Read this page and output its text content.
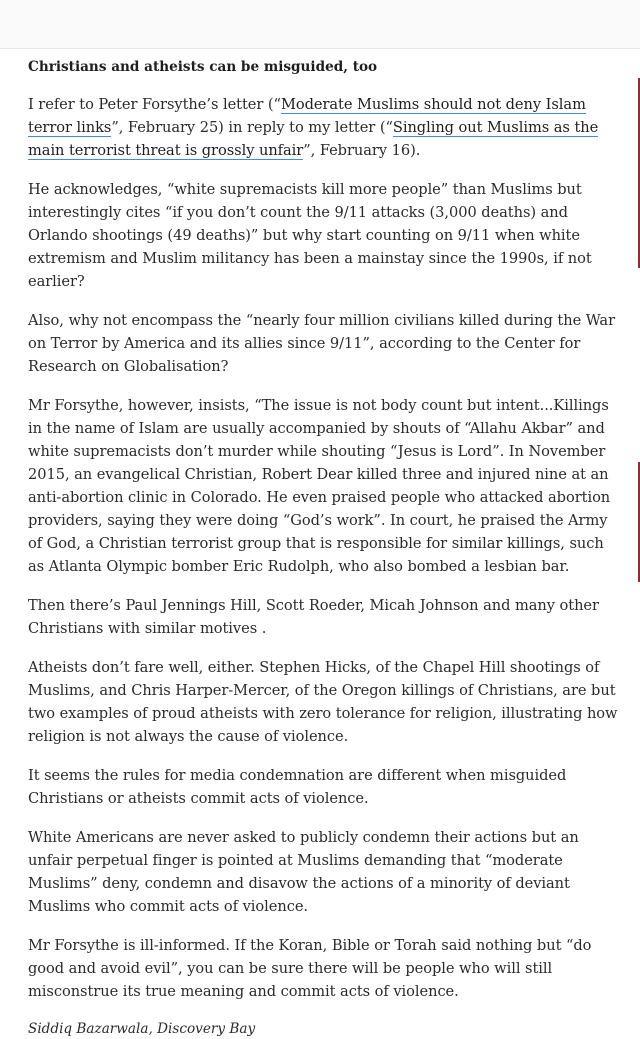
Christians and atheists can be misguided, too

I refer to Peter Forsythe’s letter (“Moderate Muslims should not deny Islam terror links”, February 25) in reply to my letter (“Singling out Muslims as the main terrorist threat is grossly unfair”, February 16).

He acknowledges, “white supremacists kill more people” than Muslims but interestingly cites “if you don’t count the 9/11 attacks (3,000 deaths) and Orlando shootings (49 deaths)” but why start counting on 9/11 when white extremism and Muslim militancy has been a mainstay since the 1990s, if not earlier?

Also, why not encompass the “nearly four million civilians killed during the War on Terror by America and its allies since 9/11”, according to the Center for Research on Globalisation?

Mr Forsythe, however, insists, “The issue is not body count but intent...Killings in the name of Islam are usually accompanied by shouts of “Allahu Akbar” and white supremacists don’t murder while shouting “Jesus is Lord”. In November 2015, an evangelical Christian, Robert Dear killed three and injured nine at an anti-abortion clinic in Colorado. He even praised people who attacked abortion providers, saying they were doing “God’s work”. In court, he praised the Army of God, a Christian terrorist group that is responsible for similar killings, such as Atlanta Olympic bomber Eric Rudolph, who also bombed a lesbian bar.

Then there’s Paul Jennings Hill, Scott Roeder, Micah Johnson and many other Christians with similar motives .

Atheists don’t fare well, either. Stephen Hicks, of the Chapel Hill shootings of Muslims, and Chris Harper-Mercer, of the Oregon killings of Christians, are but two examples of proud atheists with zero tolerance for religion, illustrating how religion is not always the cause of violence.

It seems the rules for media condemnation are different when misguided Christians or atheists commit acts of violence.

White Americans are never asked to publicly condemn their actions but an unfair perpetual finger is pointed at Muslims demanding that “moderate Muslims” deny, condemn and disavow the actions of a minority of deviant Muslims who commit acts of violence.

Mr Forsythe is ill-informed. If the Koran, Bible or Torah said nothing but “do good and avoid evil”, you can be sure there will be people who will still misconstrue its true meaning and commit acts of violence.

Siddiq Bazarwala, Discovery Bay
